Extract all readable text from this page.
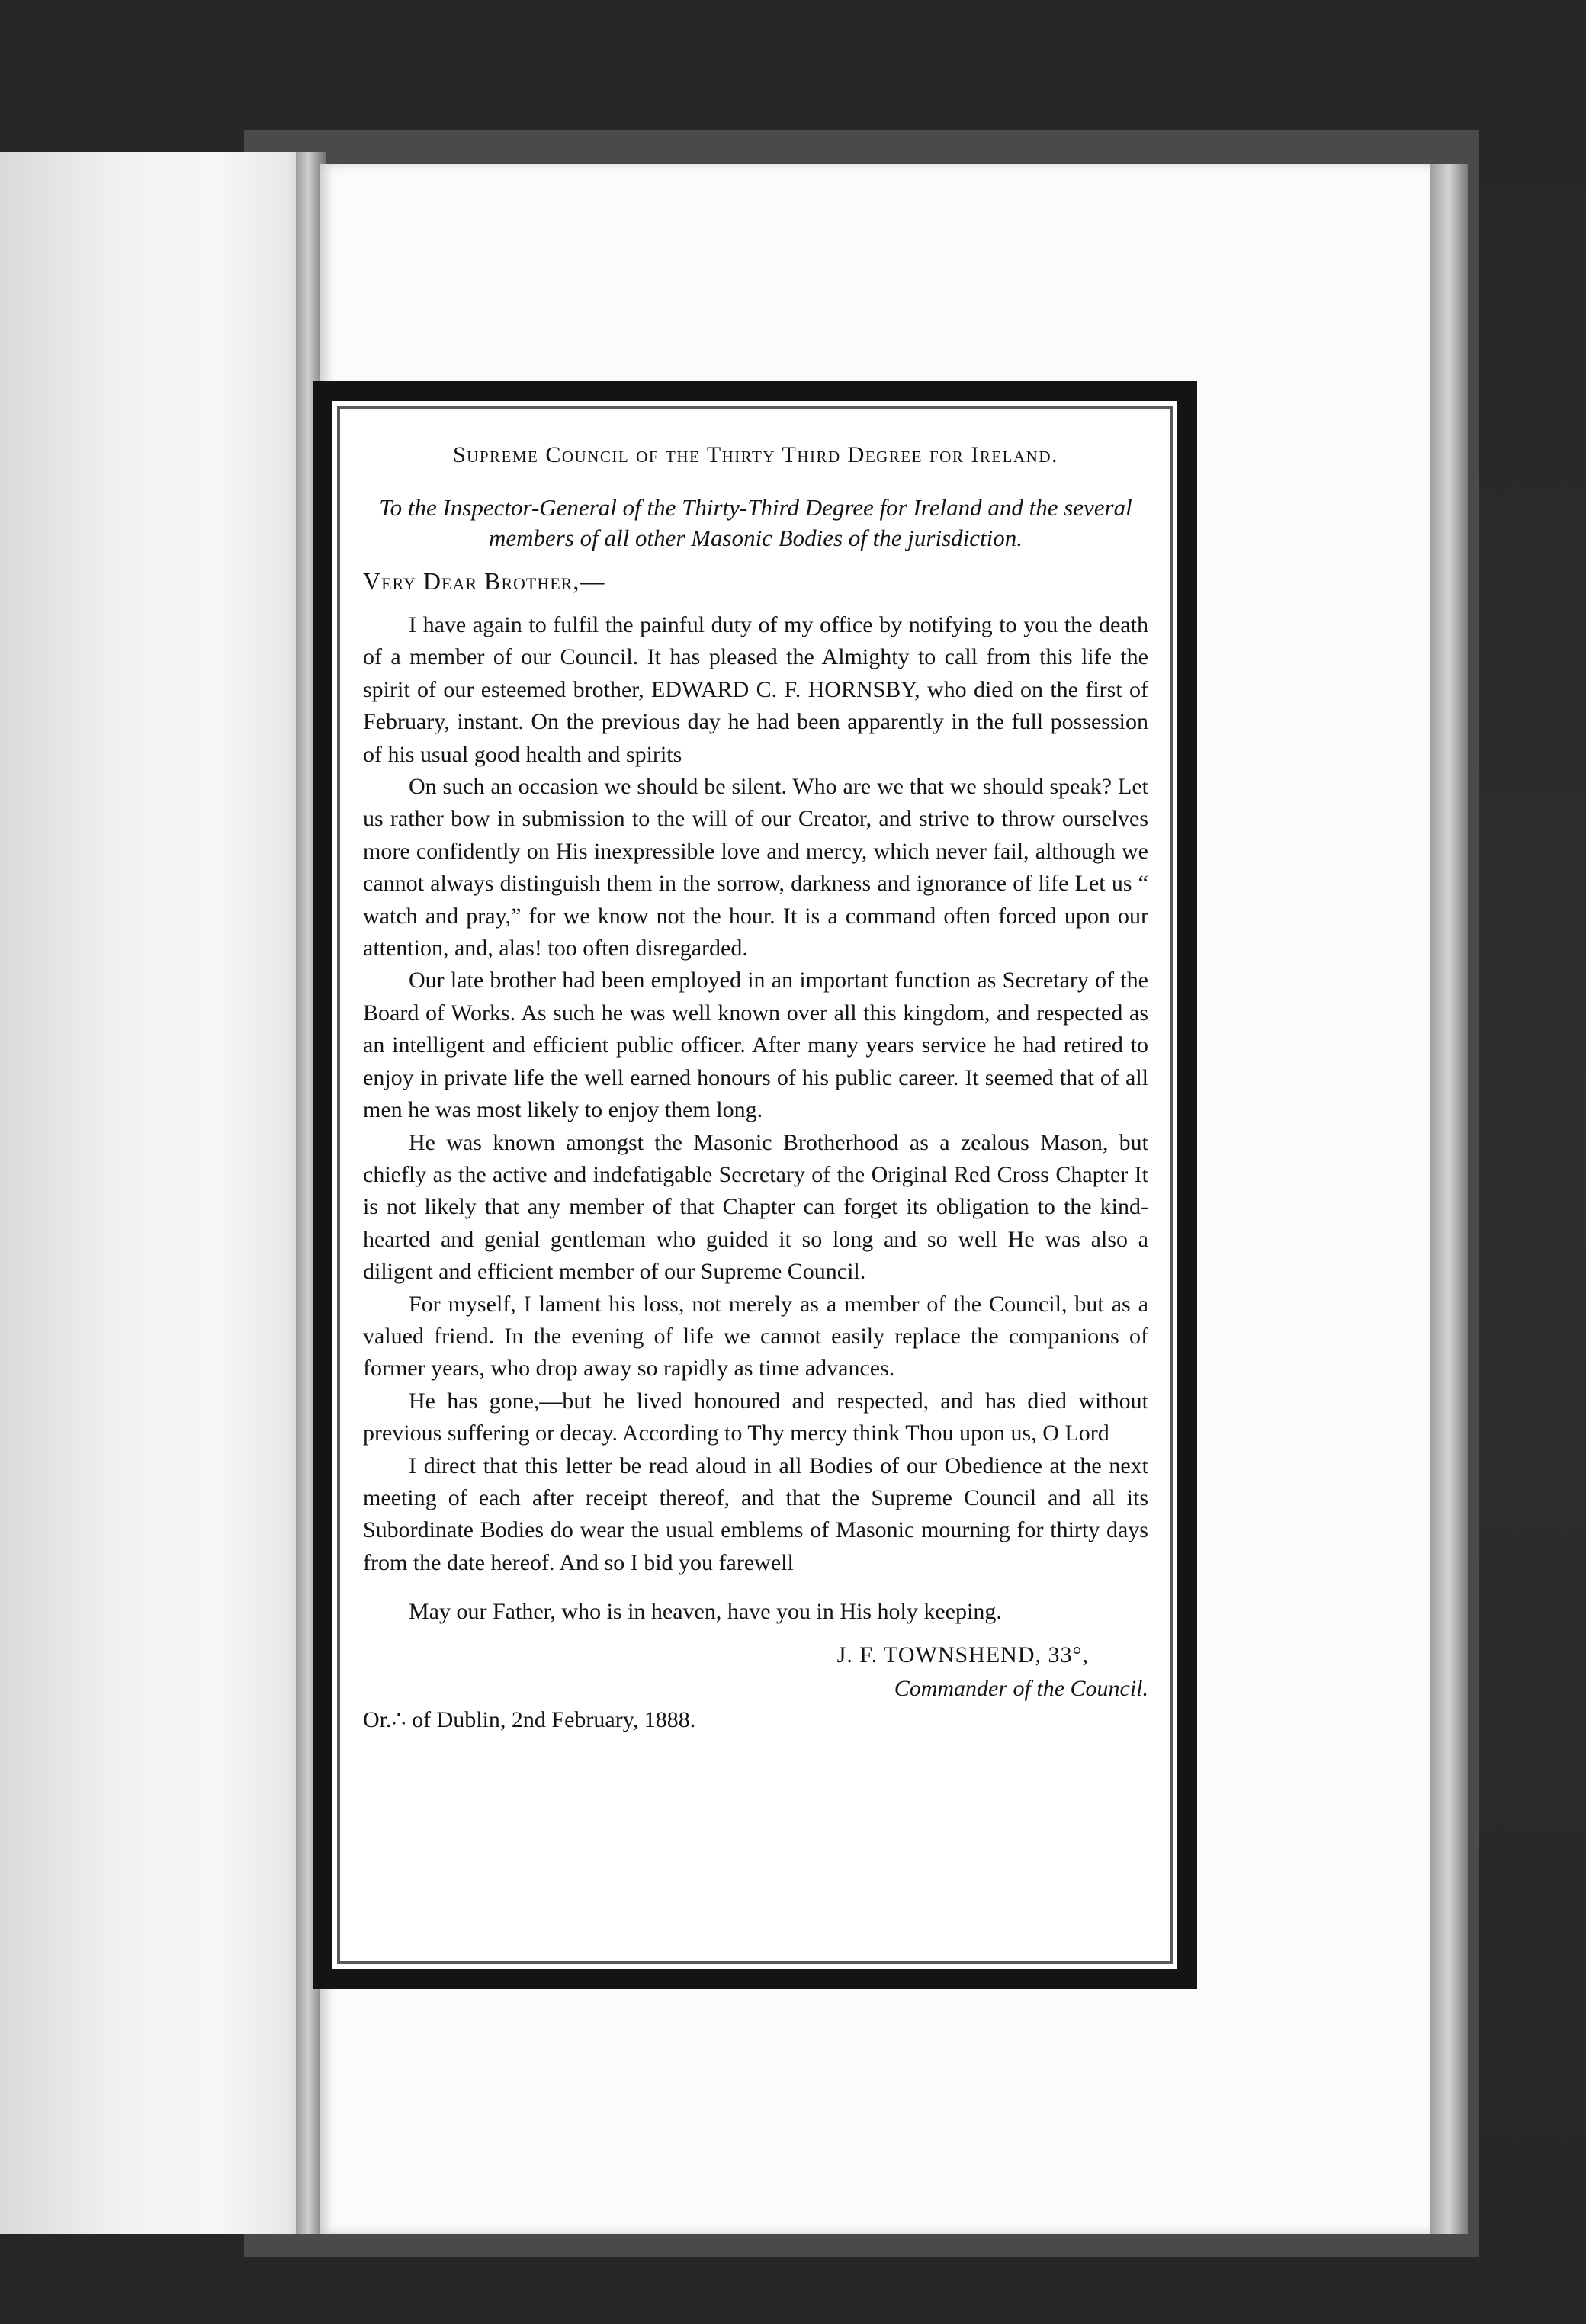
Supreme Council of the Thirty Third Degree for Ireland.

To the Inspector-General of the Thirty-Third Degree for Ireland and the several members of all other Masonic Bodies of the jurisdiction.

Very Dear Brother,—

I have again to fulfil the painful duty of my office by notifying to you the death of a member of our Council. It has pleased the Almighty to call from this life the spirit of our esteemed brother, EDWARD C. F. HORNSBY, who died on the first of February, instant. On the previous day he had been apparently in the full possession of his usual good health and spirits

On such an occasion we should be silent. Who are we that we should speak? Let us rather bow in submission to the will of our Creator, and strive to throw ourselves more confidently on His inexpressible love and mercy, which never fail, although we cannot always distinguish them in the sorrow, darkness and ignorance of life Let us “ watch and pray,” for we know not the hour. It is a command often forced upon our attention, and, alas! too often disregarded.

Our late brother had been employed in an important function as Secretary of the Board of Works. As such he was well known over all this kingdom, and respected as an intelligent and efficient public officer. After many years service he had retired to enjoy in private life the well earned honours of his public career. It seemed that of all men he was most likely to enjoy them long.

He was known amongst the Masonic Brotherhood as a zealous Mason, but chiefly as the active and indefatigable Secretary of the Original Red Cross Chapter It is not likely that any member of that Chapter can forget its obligation to the kind-hearted and genial gentleman who guided it so long and so well He was also a diligent and efficient member of our Supreme Council.

For myself, I lament his loss, not merely as a member of the Council, but as a valued friend. In the evening of life we cannot easily replace the companions of former years, who drop away so rapidly as time advances.

He has gone,—but he lived honoured and respected, and has died without previous suffering or decay. According to Thy mercy think Thou upon us, O Lord

I direct that this letter be read aloud in all Bodies of our Obedience at the next meeting of each after receipt thereof, and that the Supreme Council and all its Subordinate Bodies do wear the usual emblems of Masonic mourning for thirty days from the date hereof. And so I bid you farewell

May our Father, who is in heaven, have you in His holy keeping.

J. F. TOWNSHEND, 33°,

Commander of the Council.

Or.∴ of Dublin, 2nd February, 1888.
